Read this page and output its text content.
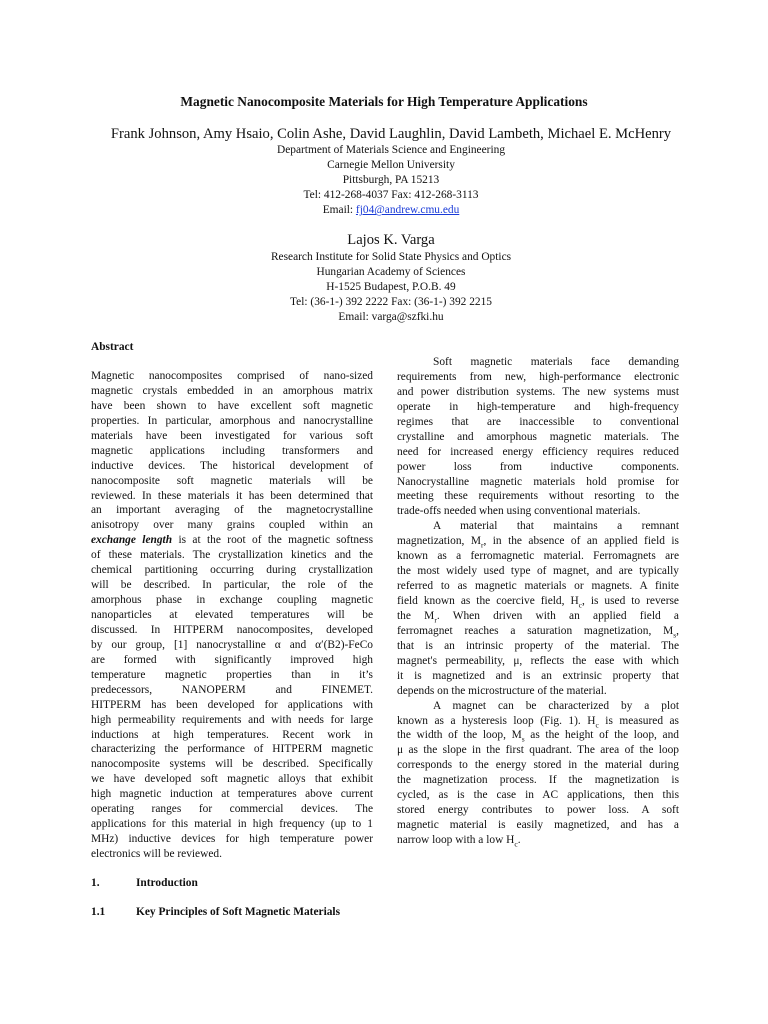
Magnetic Nanocomposite Materials for High Temperature Applications
Frank Johnson, Amy Hsaio, Colin Ashe, David Laughlin, David Lambeth, Michael E. McHenry
Department of Materials Science and Engineering
Carnegie Mellon University
Pittsburgh, PA 15213
Tel: 412-268-4037 Fax: 412-268-3113
Email: fj04@andrew.cmu.edu
Lajos K. Varga
Research Institute for Solid State Physics and Optics
Hungarian Academy of Sciences
H-1525 Budapest, P.O.B. 49
Tel: (36-1-) 392 2222 Fax: (36-1-) 392 2215
Email: varga@szfki.hu
Abstract
Magnetic nanocomposites comprised of nano-sized
magnetic crystals embedded in an amorphous matrix
have been shown to have excellent soft magnetic
properties. In particular, amorphous and nanocrystalline
materials have been investigated for various soft
magnetic applications including transformers and
inductive devices. The historical development of
nanocomposite soft magnetic materials will be
reviewed. In these materials it has been determined that
an important averaging of the magnetocrystalline
anisotropy over many grains coupled within an
exchange length is at the root of the magnetic softness
of these materials. The crystallization kinetics and the
chemical partitioning occurring during crystallization
will be described. In particular, the role of the
amorphous phase in exchange coupling magnetic
nanoparticles at elevated temperatures will be
discussed. In HITPERM nanocomposites, developed
by our group, [1] nanocrystalline α and α′(B2)-FeCo
are formed with significantly improved high
temperature magnetic properties than in it’s
predecessors, NANOPERM and FINEMET.
HITPERM has been developed for applications with
high permeability requirements and with needs for large
inductions at high temperatures. Recent work in
characterizing the performance of HITPERM magnetic
nanocomposite systems will be described. Specifically
we have developed soft magnetic alloys that exhibit
high magnetic induction at temperatures above current
operating ranges for commercial devices. The
applications for this material in high frequency (up to 1
MHz) inductive devices for high temperature power
electronics will be reviewed.
1.	Introduction
1.1	Key Principles of Soft Magnetic Materials
Soft magnetic materials face demanding
requirements from new, high-performance electronic
and power distribution systems. The new systems must
operate in high-temperature and high-frequency
regimes that are inaccessible to conventional
crystalline and amorphous magnetic materials. The
need for increased energy efficiency requires reduced
power loss from inductive components.
Nanocrystalline magnetic materials hold promise for
meeting these requirements without resorting to the
trade-offs needed when using conventional materials.
A material that maintains a remnant
magnetization, $M_r$, in the absence of an applied field is
known as a ferromagnetic material. Ferromagnets are
the most widely used type of magnet, and are typically
referred to as magnetic materials or magnets. A finite
field known as the coercive field, $H_c$, is used to reverse
the $M_r$. When driven with an applied field a
ferromagnet reaches a saturation magnetization, $M_s$,
that is an intrinsic property of the material. The
magnet's permeability, μ, reflects the ease with which
it is magnetized and is an extrinsic property that
depends on the microstructure of the material.
A magnet can be characterized by a plot
known as a hysteresis loop (Fig. 1). $H_c$ is measured as
the width of the loop, $M_s$ as the height of the loop, and
μ as the slope in the first quadrant. The area of the loop
corresponds to the energy stored in the material during
the magnetization process. If the magnetization is
cycled, as is the case in AC applications, then this
stored energy contributes to power loss. A soft
magnetic material is easily magnetized, and has a
narrow loop with a low $H_c$.
